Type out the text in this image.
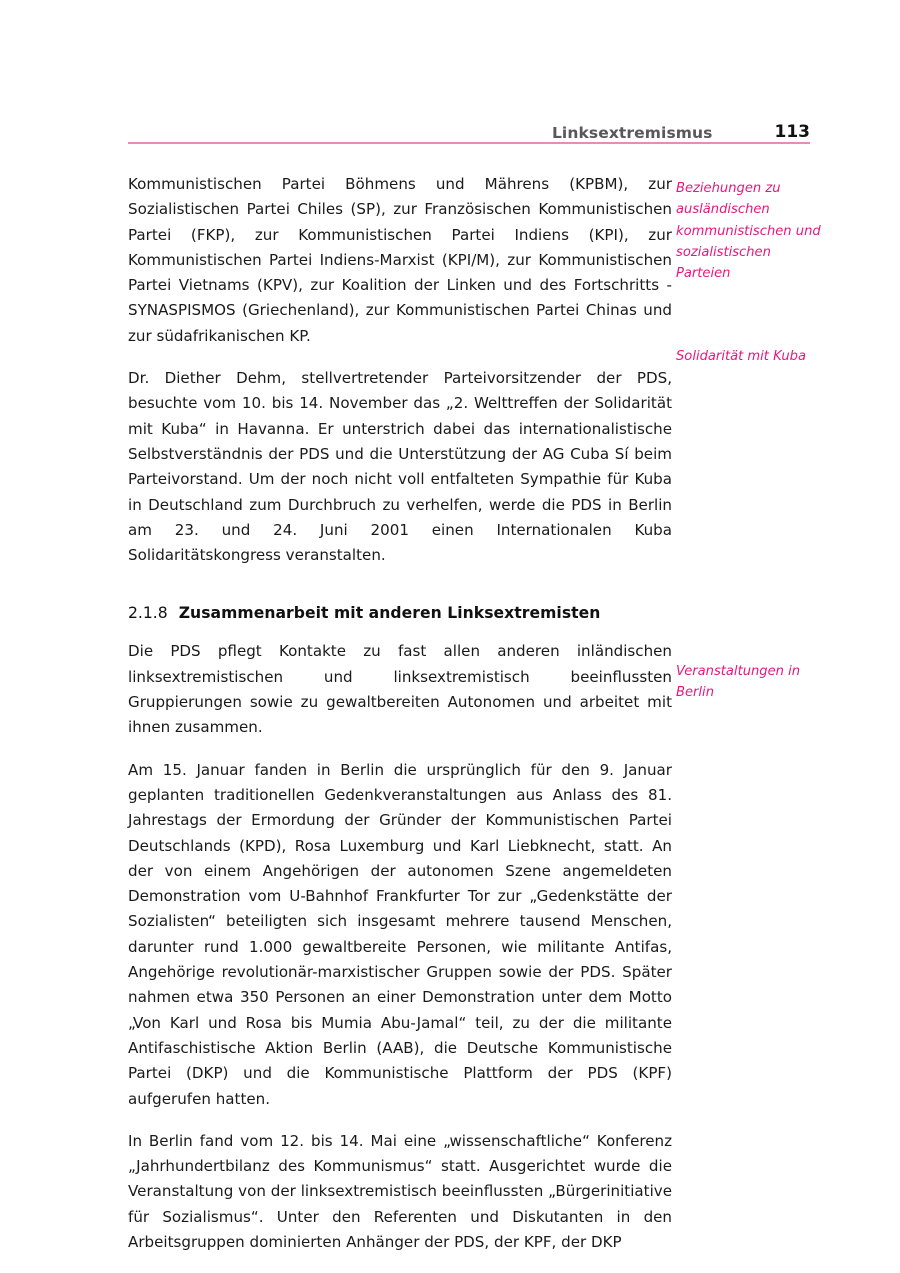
Linksextremismus	113

Kommunistischen Partei Böhmens und Mährens (KPBM), zur Sozialistischen Partei Chiles (SP), zur Französischen Kommunistischen Partei (FKP), zur Kommunistischen Partei Indiens (KPI), zur Kommunistischen Partei Indiens-Marxist (KPI/M), zur Kommunistischen Partei Vietnams (KPV), zur Koalition der Linken und des Fortschritts - SYNASPISMOS (Griechenland), zur Kommunistischen Partei Chinas und zur südafrikanischen KP.

Dr. Diether Dehm, stellvertretender Parteivorsitzender der PDS, besuchte vom 10. bis 14. November das „2. Welttreffen der Solidarität mit Kuba“ in Havanna. Er unterstrich dabei das internationalistische Selbstverständnis der PDS und die Unterstützung der AG Cuba Sí beim Parteivorstand. Um der noch nicht voll entfalteten Sympathie für Kuba in Deutschland zum Durchbruch zu verhelfen, werde die PDS in Berlin am 23. und 24. Juni 2001 einen Internationalen Kuba Solidaritätskongress veranstalten.

2.1.8 Zusammenarbeit mit anderen Linksextremisten

Die PDS pflegt Kontakte zu fast allen anderen inländischen linksextremistischen und linksextremistisch beeinflussten Gruppierungen sowie zu gewaltbereiten Autonomen und arbeitet mit ihnen zusammen.

Am 15. Januar fanden in Berlin die ursprünglich für den 9. Januar geplanten traditionellen Gedenkveranstaltungen aus Anlass des 81. Jahrestags der Ermordung der Gründer der Kommunistischen Partei Deutschlands (KPD), Rosa Luxemburg und Karl Liebknecht, statt. An der von einem Angehörigen der autonomen Szene angemeldeten Demonstration vom U-Bahnhof Frankfurter Tor zur „Gedenkstätte der Sozialisten“ beteiligten sich insgesamt mehrere tausend Menschen, darunter rund 1.000 gewaltbereite Personen, wie militante Antifas, Angehörige revolutionär-marxistischer Gruppen sowie der PDS. Später nahmen etwa 350 Personen an einer Demonstration unter dem Motto „Von Karl und Rosa bis Mumia Abu-Jamal“ teil, zu der die militante Antifaschistische Aktion Berlin (AAB), die Deutsche Kommunistische Partei (DKP) und die Kommunistische Plattform der PDS (KPF) aufgerufen hatten.

In Berlin fand vom 12. bis 14. Mai eine „wissenschaftliche“ Konferenz „Jahrhundertbilanz des Kommunismus“ statt. Ausgerichtet wurde die Veranstaltung von der linksextremistisch beeinflussten „Bürgerinitiative für Sozialismus“. Unter den Referenten und Diskutanten in den Arbeitsgruppen dominierten Anhänger der PDS, der KPF, der DKP

Beziehungen zu ausländischen kommunistischen und sozialistischen Parteien
Solidarität mit Kuba
Veranstaltungen in Berlin
